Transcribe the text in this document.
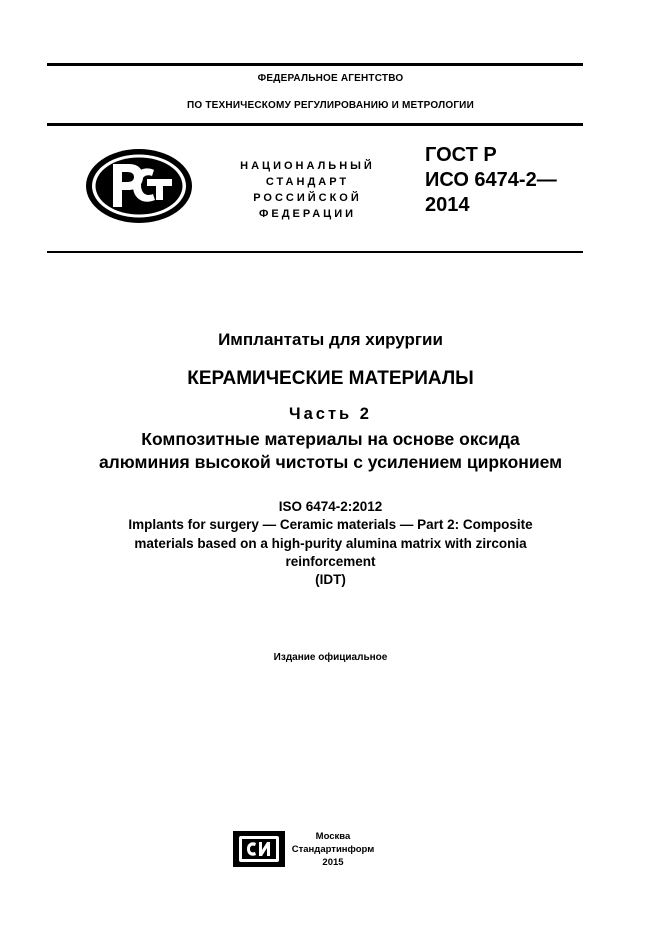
ФЕДЕРАЛЬНОЕ АГЕНТСТВО
ПО ТЕХНИЧЕСКОМУ РЕГУЛИРОВАНИЮ И МЕТРОЛОГИИ
НАЦИОНАЛЬНЫЙ
СТАНДАРТ
РОССИЙСКОЙ
ФЕДЕРАЦИИ
ГОСТ Р
ИСО 6474-2—
2014
Имплантаты для хирургии
КЕРАМИЧЕСКИЕ МАТЕРИАЛЫ
Часть 2
Композитные материалы на основе оксида
алюминия высокой чистоты с усилением цирконием
ISO 6474-2:2012
Implants for surgery — Ceramic materials — Part 2: Composite
materials based on a high-purity alumina matrix with zirconia
reinforcement
(IDT)
Издание официальное
Москва
Стандартинформ
2015
